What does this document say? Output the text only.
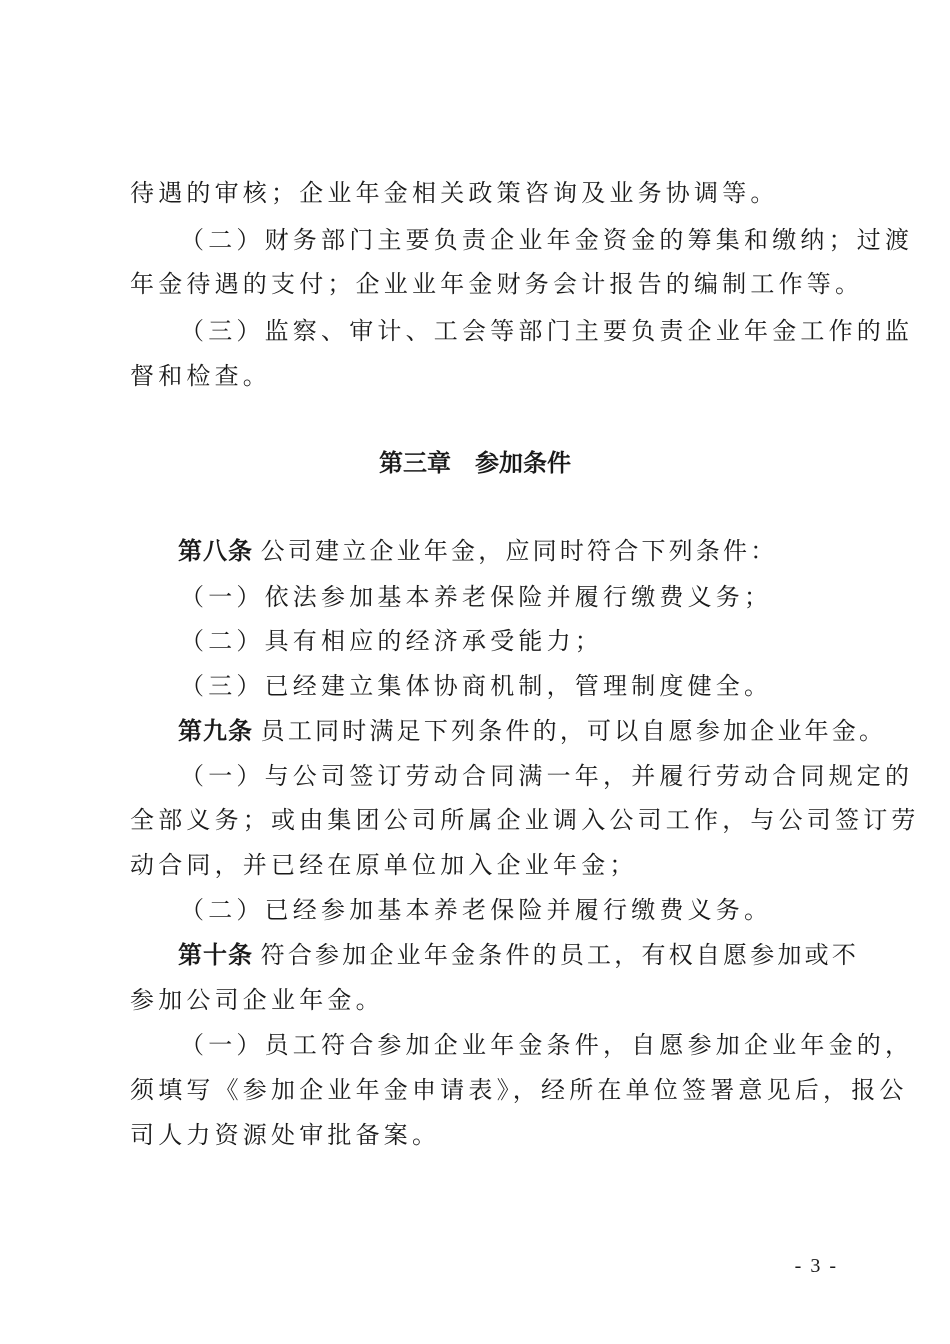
待遇的审核；企业年金相关政策咨询及业务协调等。
（二）财务部门主要负责企业年金资金的筹集和缴纳；过渡
年金待遇的支付；企业业年金财务会计报告的编制工作等。
（三）监察、审计、工会等部门主要负责企业年金工作的监
督和检查。
第三章　参加条件
第八条 公司建立企业年金，应同时符合下列条件：
（一）依法参加基本养老保险并履行缴费义务；
（二）具有相应的经济承受能力；
（三）已经建立集体协商机制，管理制度健全。
第九条 员工同时满足下列条件的，可以自愿参加企业年金。
（一）与公司签订劳动合同满一年，并履行劳动合同规定的
全部义务；或由集团公司所属企业调入公司工作，与公司签订劳
动合同，并已经在原单位加入企业年金；
（二）已经参加基本养老保险并履行缴费义务。
第十条 符合参加企业年金条件的员工，有权自愿参加或不
参加公司企业年金。
（一）员工符合参加企业年金条件，自愿参加企业年金的，
须填写《参加企业年金申请表》，经所在单位签署意见后，报公
司人力资源处审批备案。
- 3 -
